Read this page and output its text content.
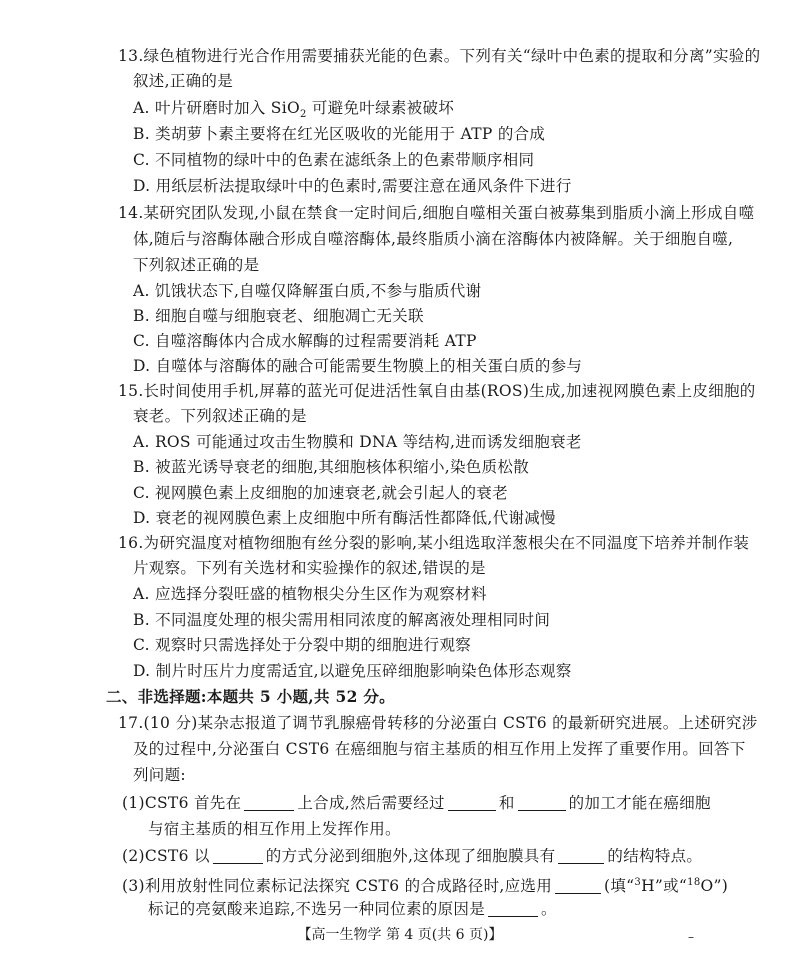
13.绿色植物进行光合作用需要捕获光能的色素。下列有关“绿叶中色素的提取和分离”实验的
叙述,正确的是
A. 叶片研磨时加入 SiO$_2$ 可避免叶绿素被破坏
B. 类胡萝卜素主要将在红光区吸收的光能用于 ATP 的合成
C. 不同植物的绿叶中的色素在滤纸条上的色素带顺序相同
D. 用纸层析法提取绿叶中的色素时,需要注意在通风条件下进行
14.某研究团队发现,小鼠在禁食一定时间后,细胞自噬相关蛋白被募集到脂质小滴上形成自噬
体,随后与溶酶体融合形成自噬溶酶体,最终脂质小滴在溶酶体内被降解。关于细胞自噬,
下列叙述正确的是
A. 饥饿状态下,自噬仅降解蛋白质,不参与脂质代谢
B. 细胞自噬与细胞衰老、细胞凋亡无关联
C. 自噬溶酶体内合成水解酶的过程需要消耗 ATP
D. 自噬体与溶酶体的融合可能需要生物膜上的相关蛋白质的参与
15.长时间使用手机,屏幕的蓝光可促进活性氧自由基(ROS)生成,加速视网膜色素上皮细胞的
衰老。下列叙述正确的是
A. ROS 可能通过攻击生物膜和 DNA 等结构,进而诱发细胞衰老
B. 被蓝光诱导衰老的细胞,其细胞核体积缩小,染色质松散
C. 视网膜色素上皮细胞的加速衰老,就会引起人的衰老
D. 衰老的视网膜色素上皮细胞中所有酶活性都降低,代谢减慢
16.为研究温度对植物细胞有丝分裂的影响,某小组选取洋葱根尖在不同温度下培养并制作装
片观察。下列有关选材和实验操作的叙述,错误的是
A. 应选择分裂旺盛的植物根尖分生区作为观察材料
B. 不同温度处理的根尖需用相同浓度的解离液处理相同时间
C. 观察时只需选择处于分裂中期的细胞进行观察
D. 制片时压片力度需适宜,以避免压碎细胞影响染色体形态观察
二、非选择题:本题共 5 小题,共 52 分。
17.(10 分)某杂志报道了调节乳腺癌骨转移的分泌蛋白 CST6 的最新研究进展。上述研究涉
及的过程中,分泌蛋白 CST6 在癌细胞与宿主基质的相互作用上发挥了重要作用。回答下
列问题:
(1)CST6 首先在	上合成,然后需要经过	和	的加工才能在癌细胞
与宿主基质的相互作用上发挥作用。
(2)CST6 以	的方式分泌到细胞外,这体现了细胞膜具有	的结构特点。
(3)利用放射性同位素标记法探究 CST6 的合成路径时,应选用	(填“$^3$H”或“$^{18}$O”)
标记的亮氨酸来追踪,不选另一种同位素的原因是	。
【高一生物学 第 4 页(共 6 页)】	–
